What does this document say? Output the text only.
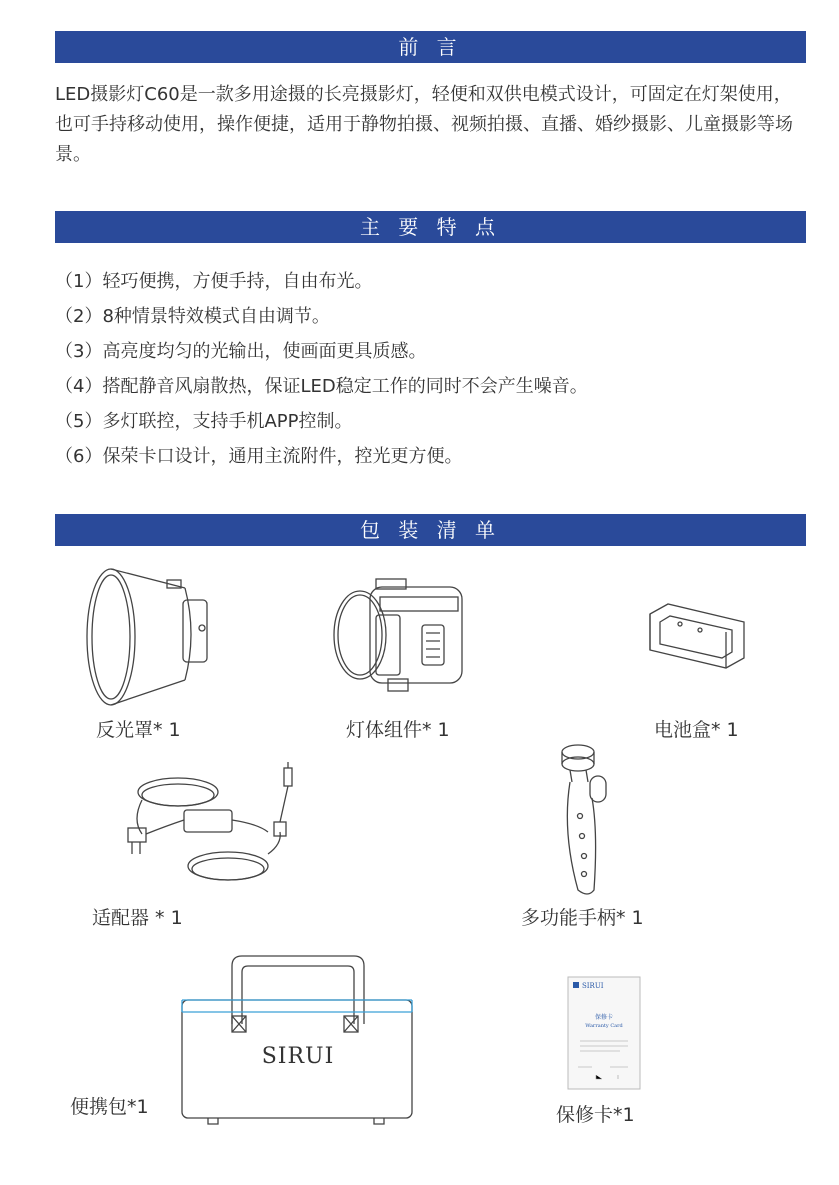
前 言

LED摄影灯C60是一款多用途摄的长亮摄影灯，轻便和双供电模式设计，可固定在灯架使用，也可手持移动使用，操作便捷，适用于静物拍摄、视频拍摄、直播、婚纱摄影、儿童摄影等场景。

主 要 特 点
（1）轻巧便携，方便手持，自由布光。
（2）8种情景特效模式自由调节。
（3）高亮度均匀的光输出，使画面更具质感。
（4）搭配静音风扇散热，保证LED稳定工作的同时不会产生噪音。
（5）多灯联控，支持手机APP控制。
（6）保荣卡口设计，通用主流附件，控光更方便。
包 装 清 单
反光罩* 1	灯体组件* 1	电池盒* 1
适配器 * 1	多功能手柄* 1
SIRUI
便携包*1
SIRUI
保修卡
Warranty Card
保修卡*1
